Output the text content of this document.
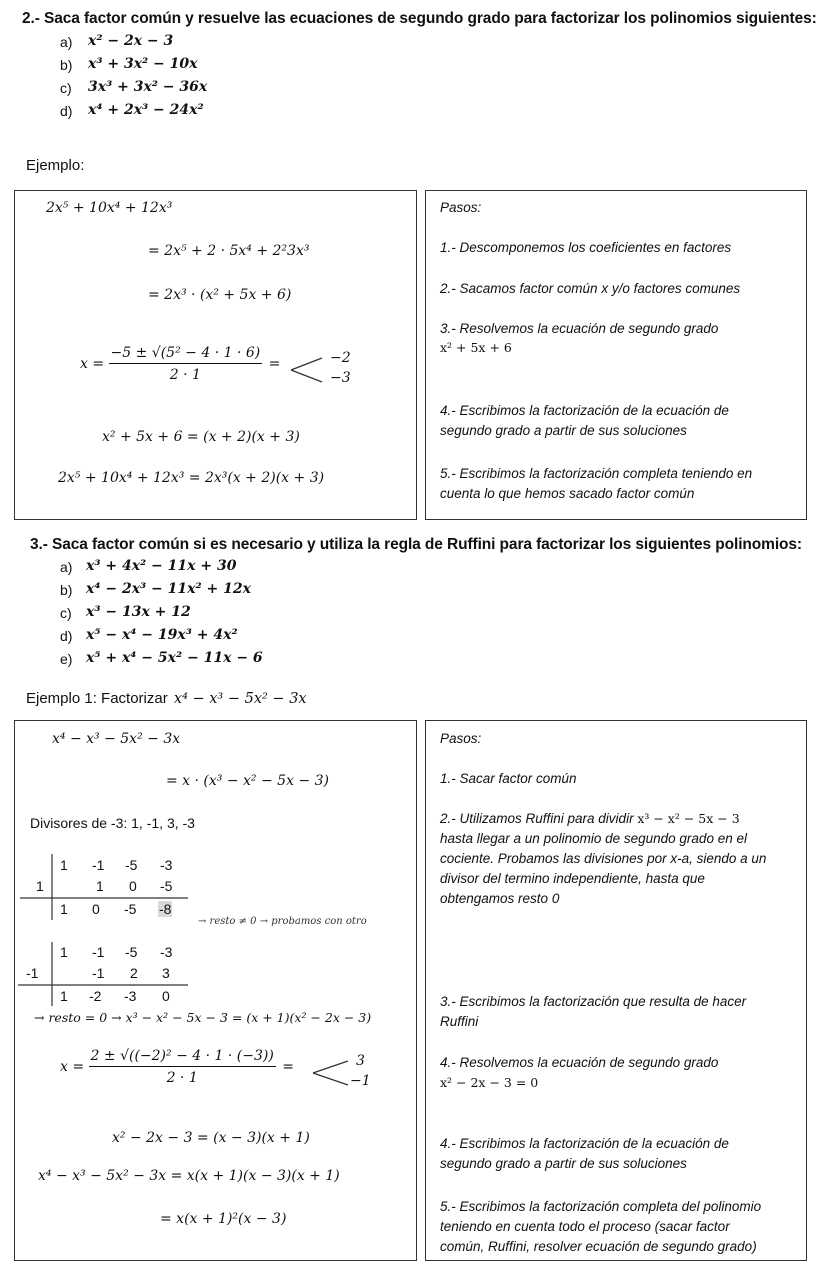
2.- Saca factor común y resuelve las ecuaciones de segundo grado para factorizar los polinomios siguientes:
a) x² − 2x − 3
b) x³ + 3x² − 10x
c) 3x³ + 3x² − 36x
d) x⁴ + 2x³ − 24x²
Ejemplo:
2x⁵ + 10x⁴ + 12x³
= 2x⁵ + 2 · 5x⁴ + 2²3x³
= 2x³ · (x² + 5x + 6)
$x = \frac{\text{−5 ± √(5² − 4 · 1 · 6)}}{2 \cdot 1}$ =	−2
−3
x² + 5x + 6 = (x + 2)(x + 3)
2x⁵ + 10x⁴ + 12x³ = 2x³(x + 2)(x + 3)
Pasos:
1.- Descomponemos los coeficientes en factores
2.- Sacamos factor común x y/o factores comunes
3.- Resolvemos la ecuación de segundo grado
x² + 5x + 6
4.- Escribimos la factorización de la ecuación de
segundo grado a partir de sus soluciones
5.- Escribimos la factorización completa teniendo en
cuenta lo que hemos sacado factor común
3.- Saca factor común si es necesario y utiliza la regla de Ruffini para factorizar los siguientes polinomios:
a) x³ + 4x² − 11x + 30
b) x⁴ − 2x³ − 11x² + 12x
c) x³ − 13x + 12
d) x⁵ − x⁴ − 19x³ + 4x²
e) x⁵ + x⁴ − 5x² − 11x − 6
Ejemplo 1: Factorizar x⁴ − x³ − 5x² − 3x
x⁴ − x³ − 5x² − 3x
= x · (x³ − x² − 5x − 3)
Divisores de -3: 1, -1, 3, -3
1 -1 -5 -3
1	1 0 -5
1 0 -5 -8
→ resto ≠ 0 → probamos con otro
1 -1 -5 -3
-1	-1 2 3
1 -2 -3 0
→ resto = 0 → x³ − x² − 5x − 3 = (x + 1)(x² − 2x − 3)
$x = \frac{\text{2 ± √((−2)² − 4 · 1 · (−3))}}{2 \cdot 1}$ =	3
−1
x² − 2x − 3 = (x − 3)(x + 1)
x⁴ − x³ − 5x² − 3x = x(x + 1)(x − 3)(x + 1)
= x(x + 1)²(x − 3)
Pasos:
1.- Sacar factor común
2.- Utilizamos Ruffini para dividir x³ − x² − 5x − 3
hasta llegar a un polinomio de segundo grado en el
cociente. Probamos las divisiones por x-a, siendo a un
divisor del termino independiente, hasta que
obtengamos resto 0
3.- Escribimos la factorización que resulta de hacer
Ruffini
4.- Resolvemos la ecuación de segundo grado
x² − 2x − 3 = 0
4.- Escribimos la factorización de la ecuación de
segundo grado a partir de sus soluciones
5.- Escribimos la factorización completa del polinomio
teniendo en cuenta todo el proceso (sacar factor
común, Ruffini, resolver ecuación de segundo grado)
